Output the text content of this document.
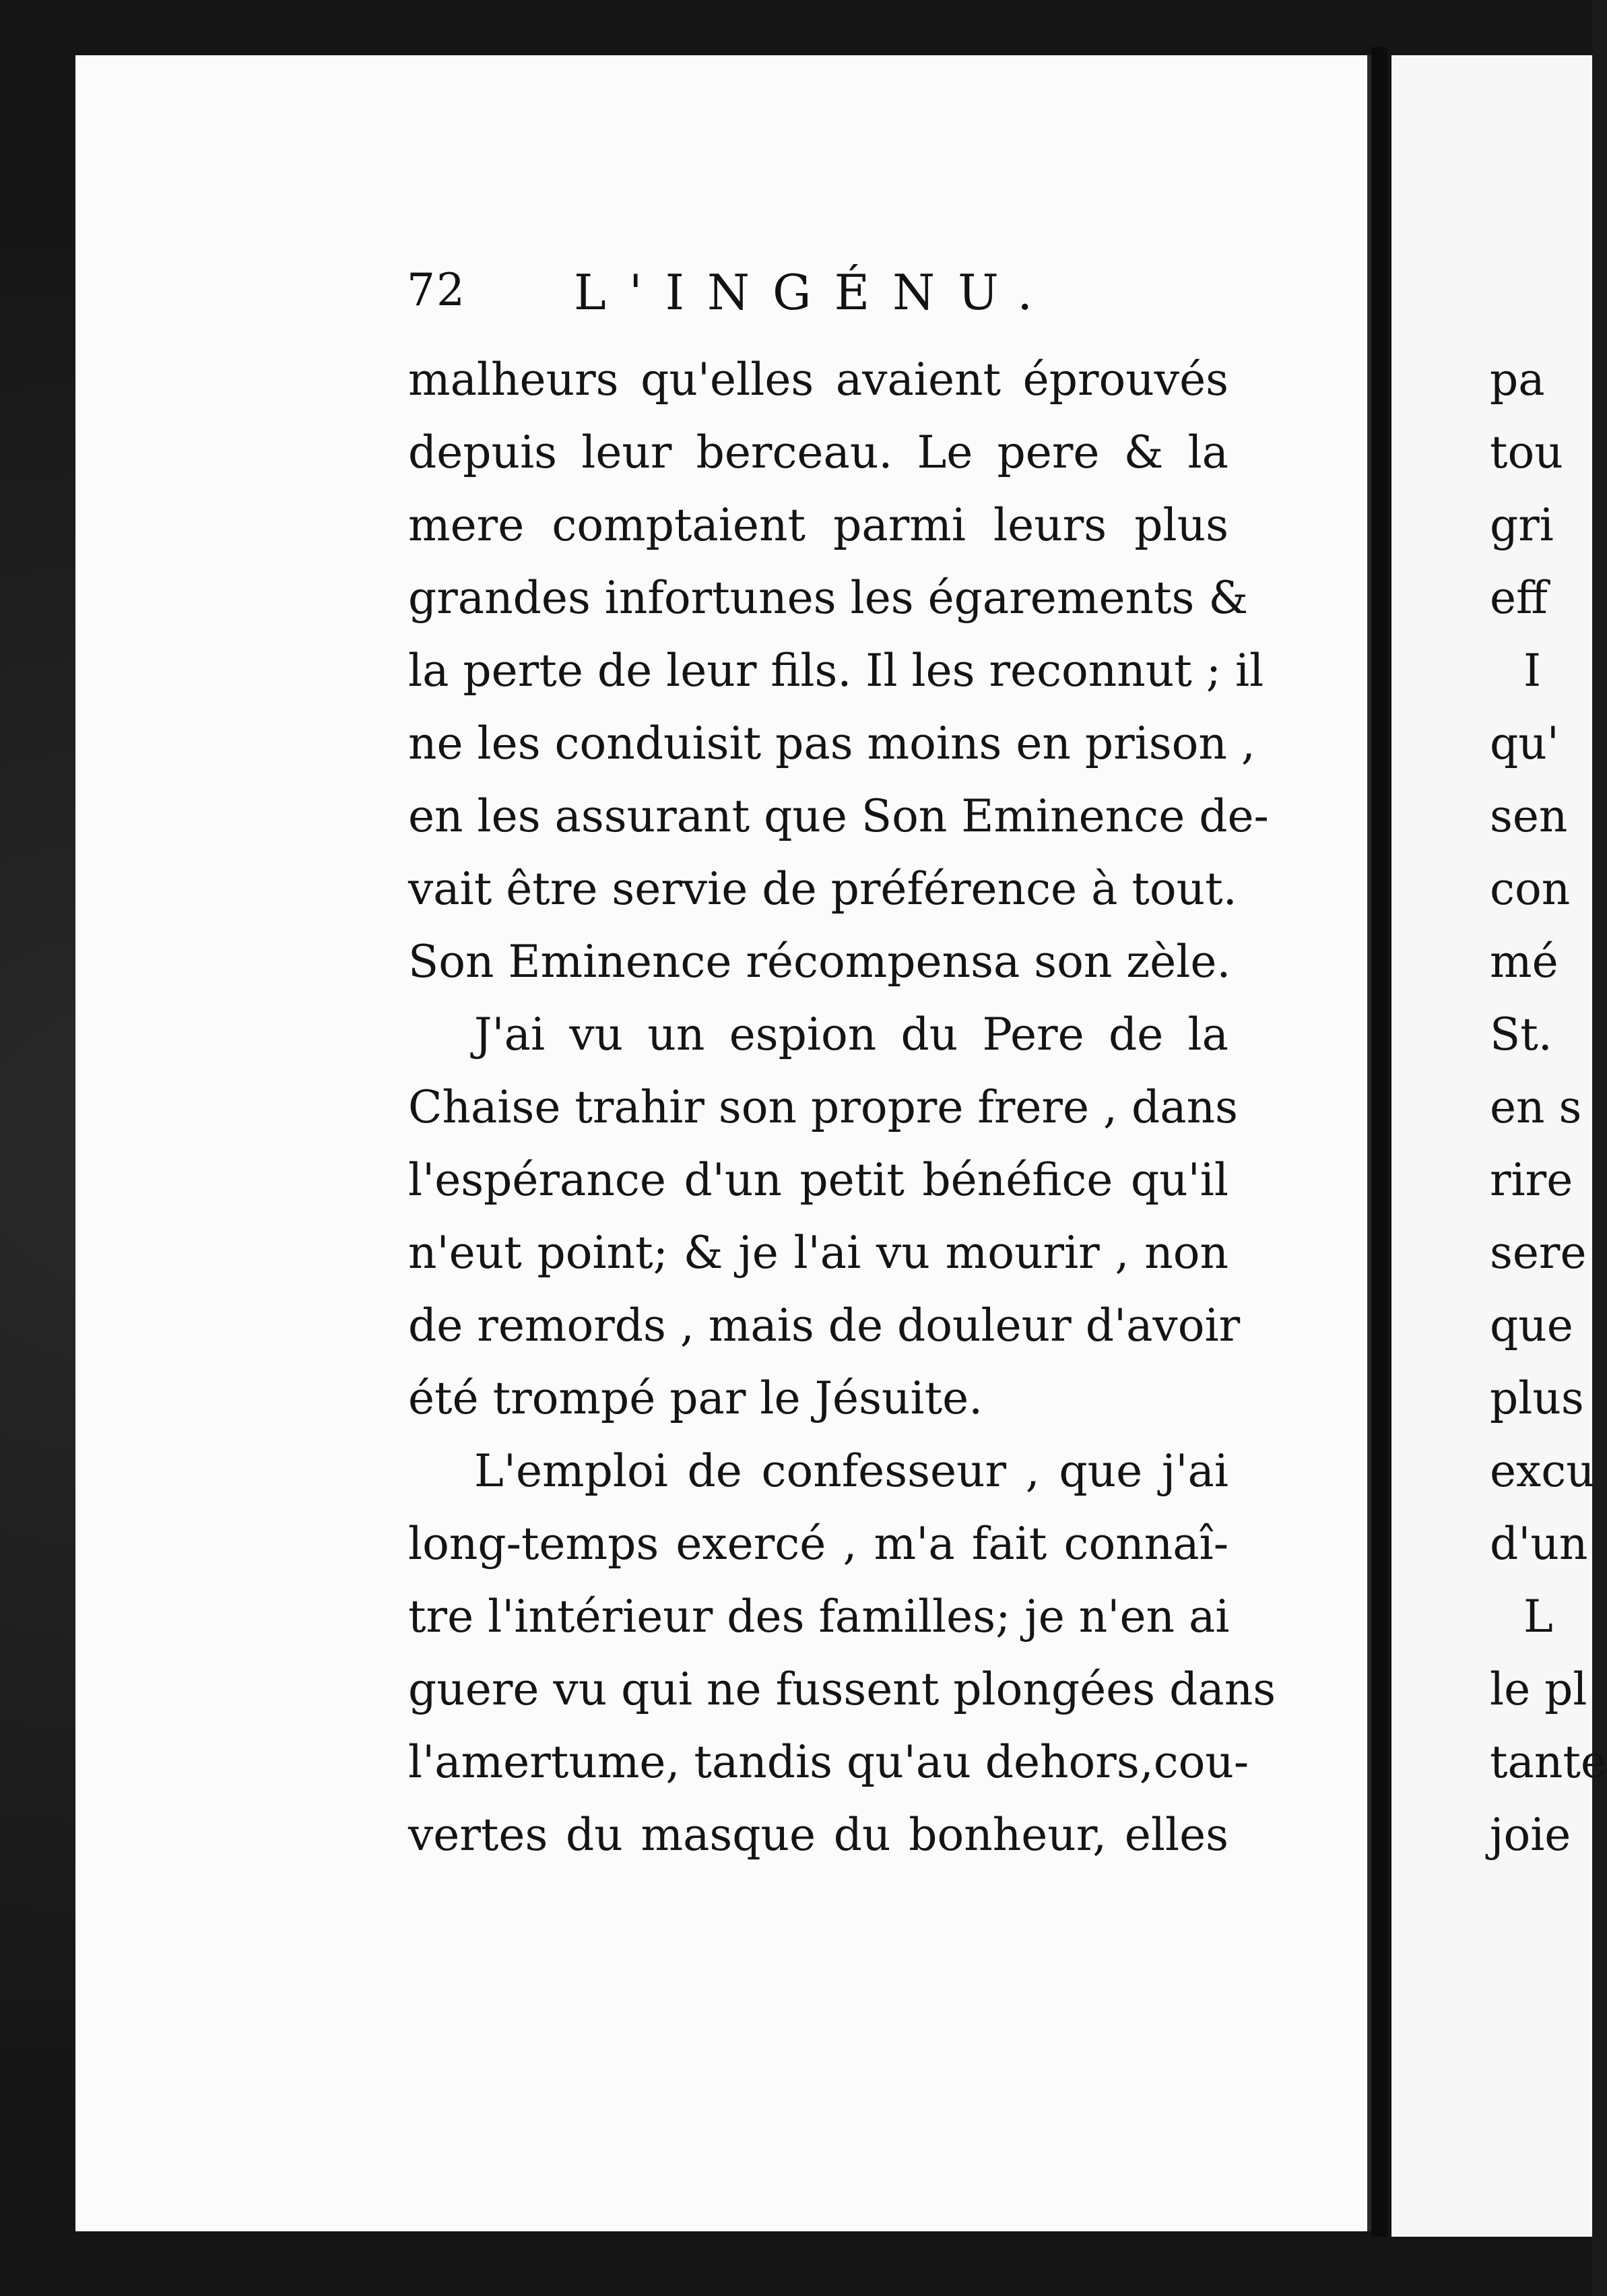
72 L'INGÉNU.
malheurs qu'elles avaient éprouvés
depuis leur berceau. Le pere & la
mere comptaient parmi leurs plus
grandes infortunes les égarements &
la perte de leur fils. Il les reconnut ; il
ne les conduisit pas moins en prison ,
en les assurant que Son Eminence de-
vait être servie de préférence à tout.
Son Eminence récompensa son zèle.
J'ai vu un espion du Pere de la
Chaise trahir son propre frere , dans
l'espérance d'un petit bénéfice qu'il
n'eut point; & je l'ai vu mourir , non
de remords , mais de douleur d'avoir
été trompé par le Jésuite.
L'emploi de confesseur , que j'ai
long-temps exercé , m'a fait connaî-
tre l'intérieur des familles; je n'en ai
guere vu qui ne fussent plongées dans
l'amertume, tandis qu'au dehors,cou-
vertes du masque du bonheur, elles
pa
tou
gri
eff
I
qu'
sen
con
mé
St.
en s
rire
sere
que
plus
excu
d'un
L
le pl
tante
joie
